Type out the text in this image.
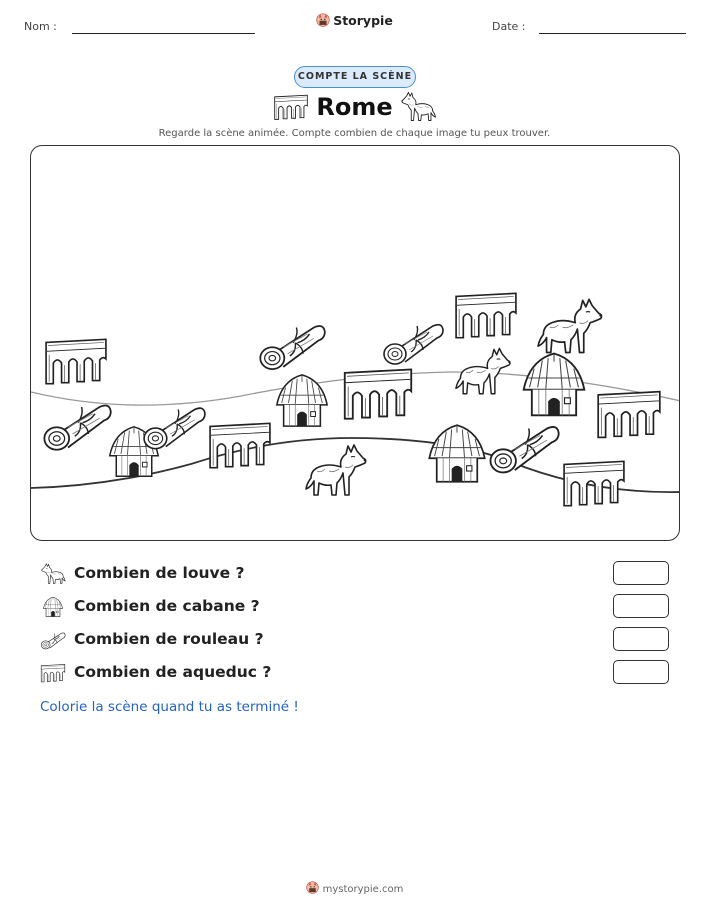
Nom :	Storypie	Date :
COMPTE LA SCÈNE
Rome
Regarde la scène animée. Compte combien de chaque image tu peux trouver.
Combien de louve ?
Combien de cabane ?
Combien de rouleau ?
Combien de aqueduc ?
Colorie la scène quand tu as terminé !
mystorypie.com
